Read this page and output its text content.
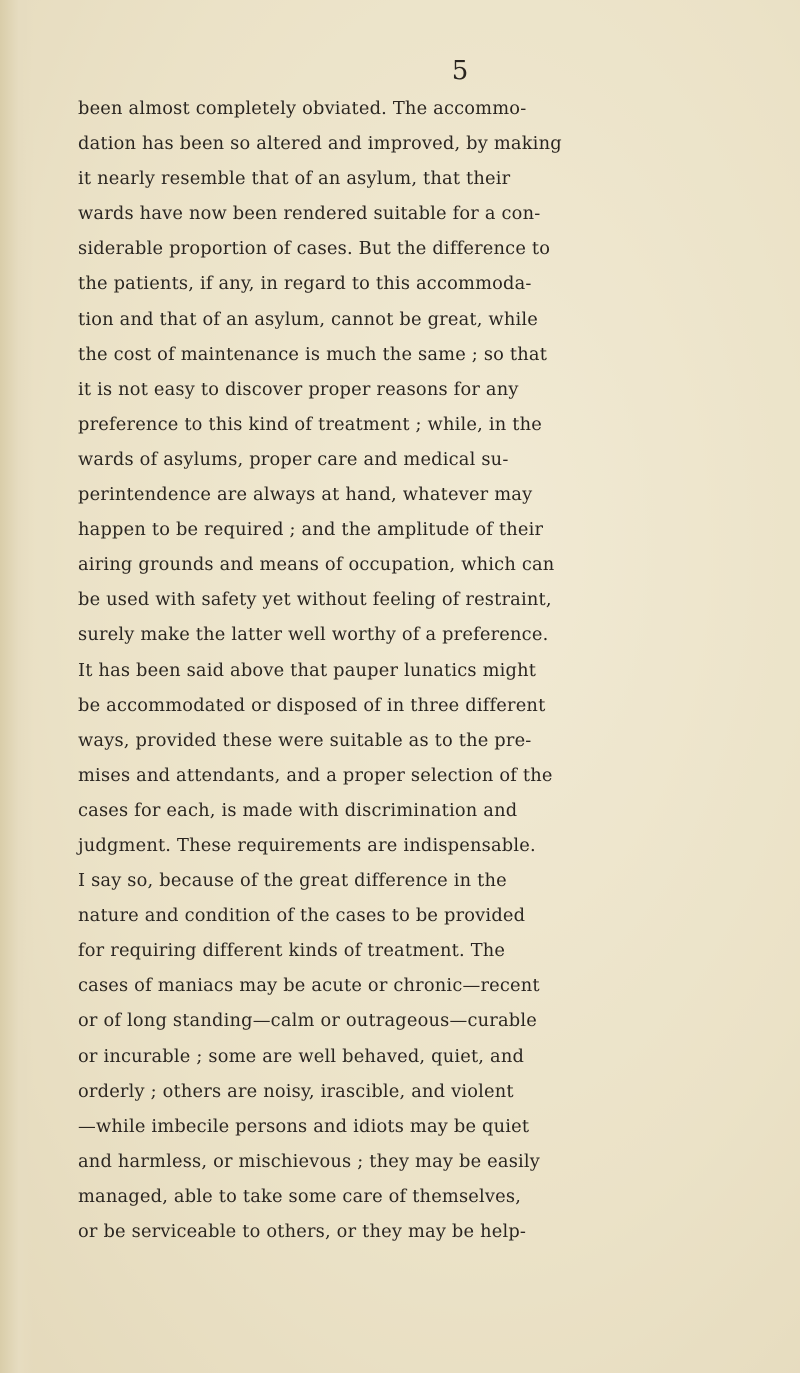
5
been almost completely obviated. The accommo-
dation has been so altered and improved, by making
it nearly resemble that of an asylum, that their
wards have now been rendered suitable for a con-
siderable proportion of cases. But the difference to
the patients, if any, in regard to this accommoda-
tion and that of an asylum, cannot be great, while
the cost of maintenance is much the same ; so that
it is not easy to discover proper reasons for any
preference to this kind of treatment ; while, in the
wards of asylums, proper care and medical su-
perintendence are always at hand, whatever may
happen to be required ; and the amplitude of their
airing grounds and means of occupation, which can
be used with safety yet without feeling of restraint,
surely make the latter well worthy of a preference.
It has been said above that pauper lunatics might
be accommodated or disposed of in three different
ways, provided these were suitable as to the pre-
mises and attendants, and a proper selection of the
cases for each, is made with discrimination and
judgment. These requirements are indispensable.
I say so, because of the great difference in the
nature and condition of the cases to be provided
for requiring different kinds of treatment. The
cases of maniacs may be acute or chronic—recent
or of long standing—calm or outrageous—curable
or incurable ; some are well behaved, quiet, and
orderly ; others are noisy, irascible, and violent
—while imbecile persons and idiots may be quiet
and harmless, or mischievous ; they may be easily
managed, able to take some care of themselves,
or be serviceable to others, or they may be help-
